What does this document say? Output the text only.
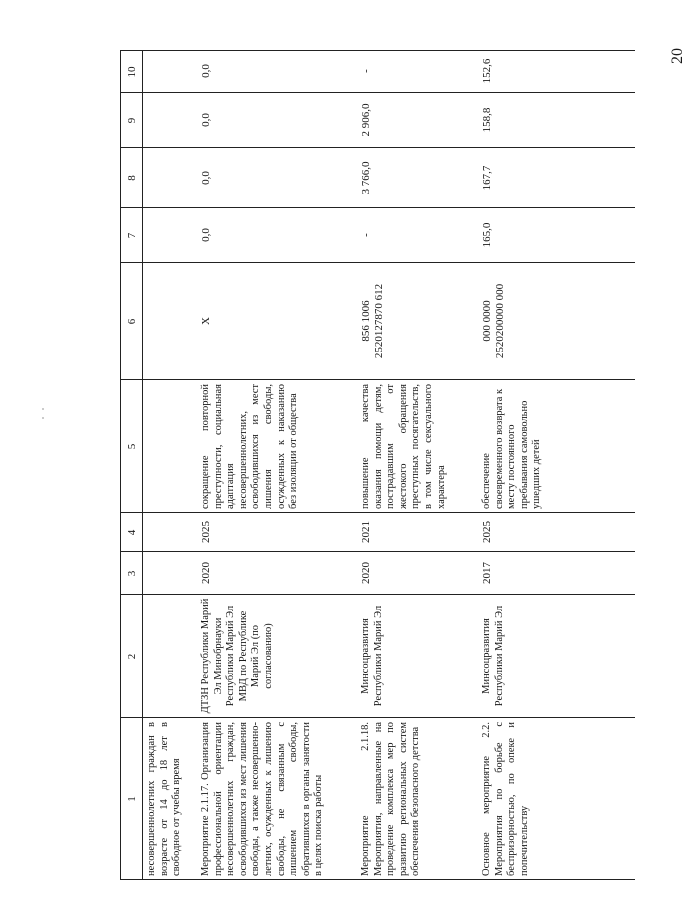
20
1
2
3
4
5
6
7
8
9
10
несовершеннолетних граждан в возрасте от 14 до 18 лет в свободное от учебы время Мероприятие 2.1.17. Организация профессиональной ориентации несовершеннолетних граждан, освободившихся из мест лишения свободы, а также несовершенно-летних, осужденных к лишению свободы, не связанным с лишением свободы, обратившихся в органы занятости в целях поиска работы
ДТЗН Республики Марий Эл Минобрнауки Республики Марий Эл МВД по Республике Марий Эл (по согласованию)
2020
2025
сокращение повторной преступности, социальная адаптация несовершеннолетних, освободившихся из мест лишения свободы, осужденных к наказанию без изоляции от общества
X
0,0
0,0
0,0
0,0
Мероприятие 2.1.18. Мероприятия, направленные на проведение комплекса мер по развитию региональных систем обеспечения безопасного детства
Минсоцразвития Республики Марий Эл
2020
2021
повышение качества оказания помощи детям, пострадавшим от жестокого обращения преступных посягательств, в том числе сексуального характера
856 1006 2520127870 612
-
3 766,0
2 906,0
-
Основное мероприятие 2.2. Мероприятия по борьбе с беспризорностью, по опеке и попечительству
Минсоцразвития Республики Марий Эл
2017
2025
обеспечение своевременного возврата к месту постоянного пребывания самовольно ушедших детей
000 0000 2520200000 000
165,0
167,7
158,8
152,6
